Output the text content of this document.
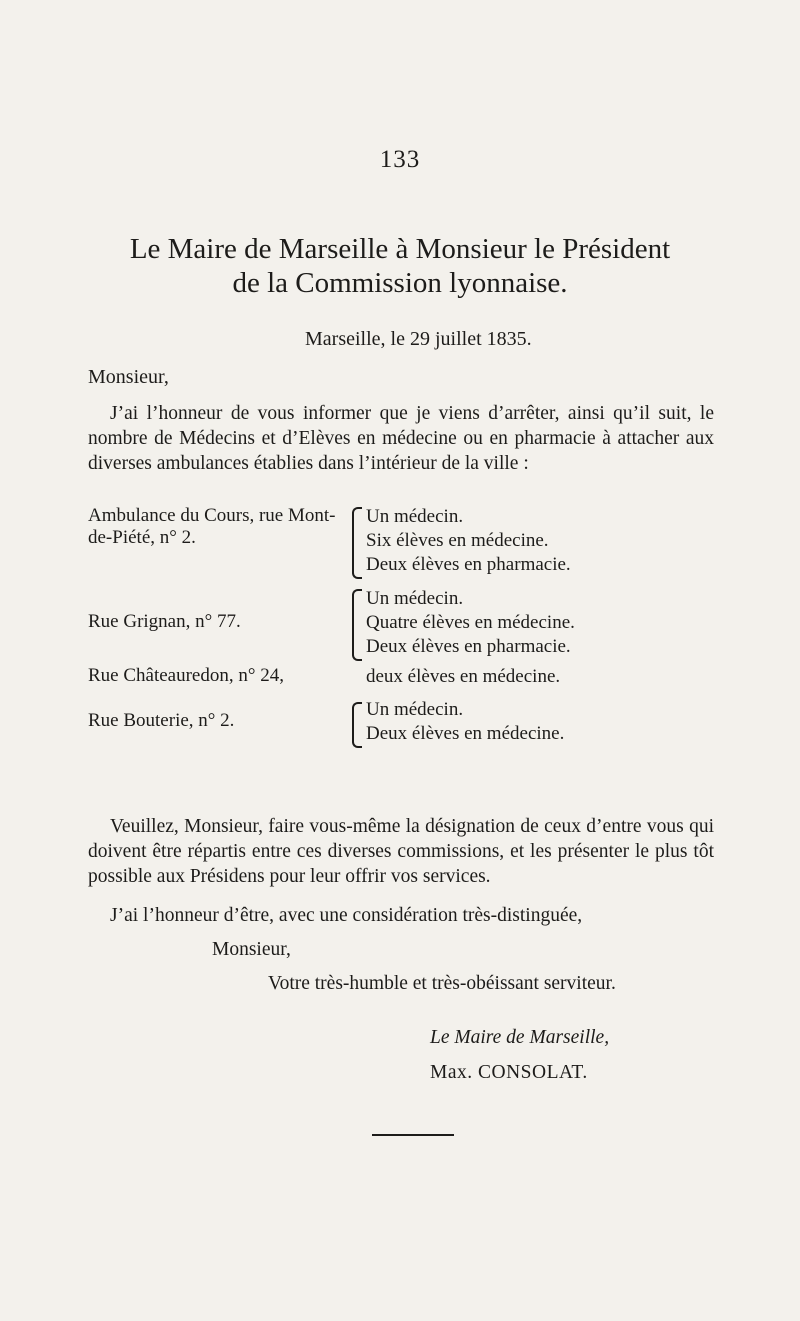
133
Le Maire de Marseille à Monsieur le Président
de la Commission lyonnaise.
Marseille, le 29 juillet 1835.
Monsieur,
J’ai l’honneur de vous informer que je viens d’arrêter, ainsi qu’il suit, le nombre de Médecins et d’Elèves en médecine ou en pharmacie à attacher aux diverses ambulances établies dans l’intérieur de la ville :
Ambulance du Cours, rue Mont-de-Piété, n° 2.
Un médecin.
Six élèves en médecine.
Deux élèves en pharmacie.
Rue Grignan, n° 77.
Un médecin.
Quatre élèves en médecine.
Deux élèves en pharmacie.
Rue Châteauredon, n° 24,	deux élèves en médecine.
Rue Bouterie, n° 2.
Un médecin.
Deux élèves en médecine.
Veuillez, Monsieur, faire vous-même la désignation de ceux d’entre vous qui doivent être répartis entre ces diverses commissions, et les présenter le plus tôt possible aux Présidens pour leur offrir vos services.
J’ai l’honneur d’être, avec une considération très-distinguée,
Monsieur,
Votre très-humble et très-obéissant serviteur.
Le Maire de Marseille,
Max. CONSOLAT.
